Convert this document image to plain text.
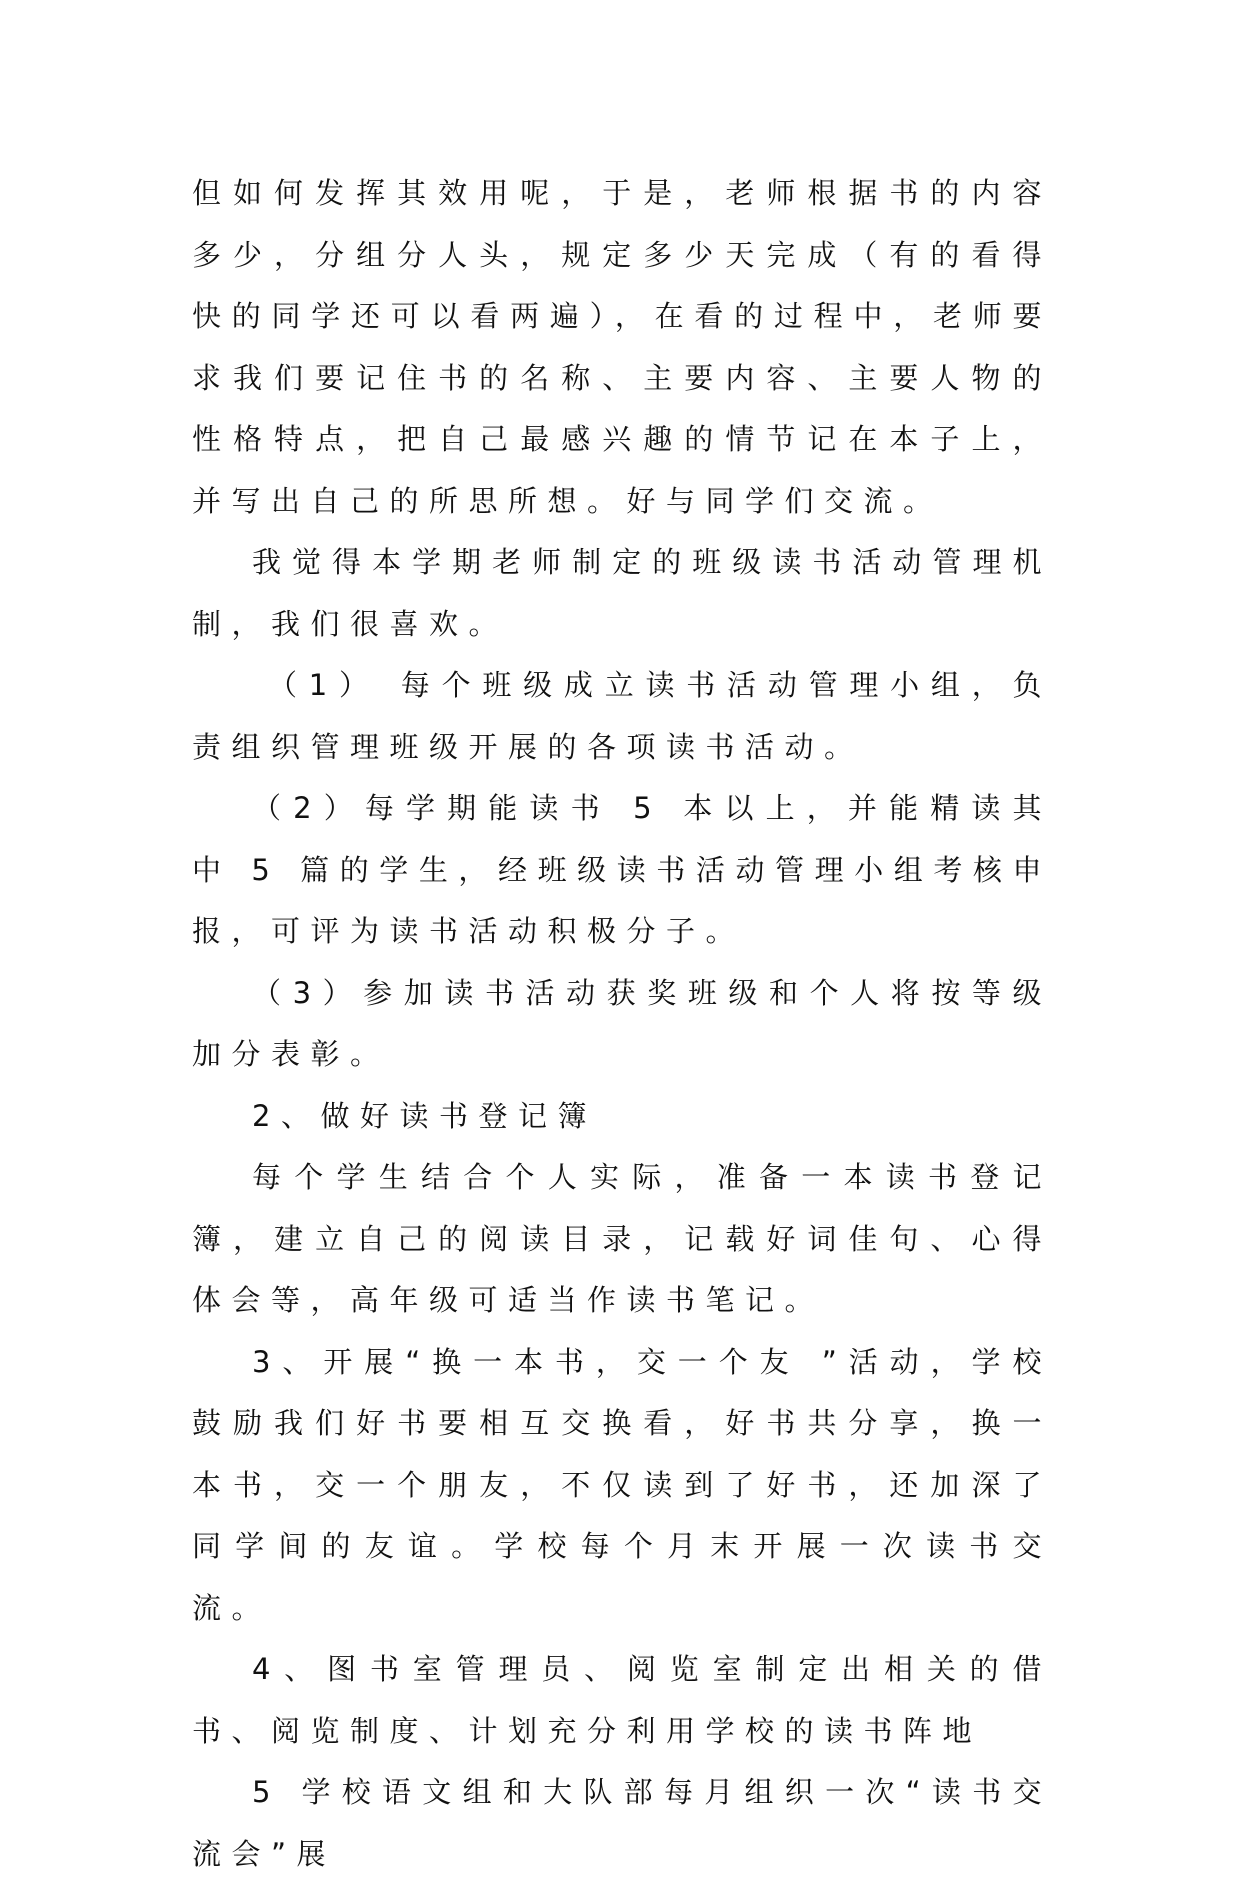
但如何发挥其效用呢，于是，老师根据书的内容多少，分组分人头，规定多少天完成（有的看得快的同学还可以看两遍），在看的过程中，老师要求我们要记住书的名称、主要内容、主要人物的性格特点，把自己最感兴趣的情节记在本子上，并写出自己的所思所想。好与同学们交流。

我觉得本学期老师制定的班级读书活动管理机制，我们很喜欢。

（1） 每个班级成立读书活动管理小组，负责组织管理班级开展的各项读书活动。

（2）每学期能读书 5 本以上，并能精读其中 5 篇的学生，经班级读书活动管理小组考核申报，可评为读书活动积极分子。

（3）参加读书活动获奖班级和个人将按等级加分表彰。

2、做好读书登记簿

每个学生结合个人实际，准备一本读书登记簿，建立自己的阅读目录，记载好词佳句、心得体会等，高年级可适当作读书笔记。

3、开展“换一本书，交一个友 ”活动，学校鼓励我们好书要相互交换看，好书共分享，换一本书，交一个朋友，不仅读到了好书，还加深了同学间的友谊。学校每个月末开展一次读书交流。

4、图书室管理员、阅览室制定出相关的借书、阅览制度、计划充分利用学校的读书阵地

5 学校语文组和大队部每月组织一次“读书交流会”展
